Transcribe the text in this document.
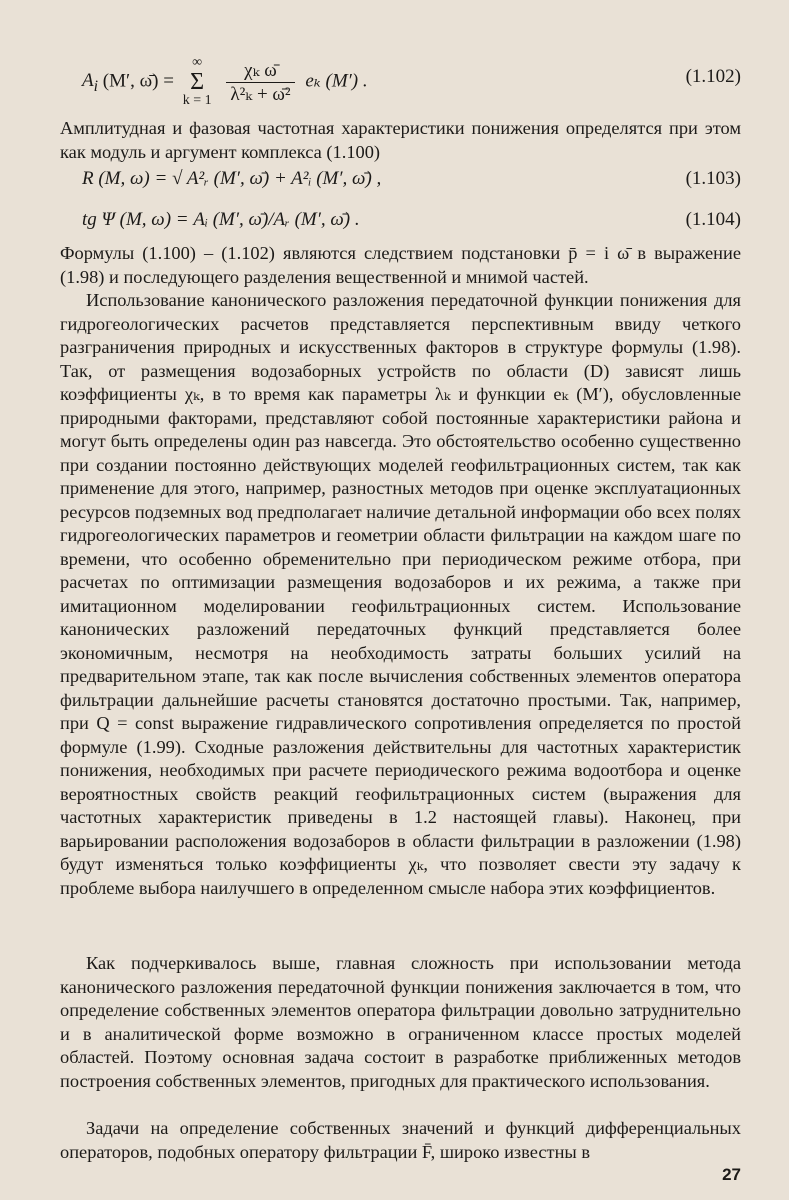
$A_i$ (M′, ω̄) = ∞
Σ
$k = 1 \frac{\text{χₖ ω̄}}{\text{λ²ₖ + ω̄²}}$ eₖ (M′) .	(1.102)
Амплитудная и фазовая частотная характеристики понижения определятся при этом как модуль и аргумент комплекса (1.100)
R (M, ω) = √ A²ᵣ (M′, ω̄) + A²ᵢ (M′, ω̄) ,	(1.103)
tg Ψ (M, ω) = Aᵢ (M′, ω̄)/Aᵣ (M′, ω̄) .	(1.104)
Формулы (1.100) – (1.102) являются следствием подстановки p̄ = i ω̄ в выражение (1.98) и последующего разделения вещественной и мнимой частей.
Использование канонического разложения передаточной функции понижения для гидрогеологических расчетов представляется перспективным ввиду четкого разграничения природных и искусственных факторов в структуре формулы (1.98). Так, от размещения водозаборных устройств по области (D) зависят лишь коэффициенты χₖ, в то время как параметры λₖ и функции eₖ (M′), обусловленные природными факторами, представляют собой постоянные характеристики района и могут быть определены один раз навсегда. Это обстоятельство особенно существенно при создании постоянно действующих моделей геофильтрационных систем, так как применение для этого, например, разностных методов при оценке эксплуатационных ресурсов подземных вод предполагает наличие детальной информации обо всех полях гидрогеологических параметров и геометрии области фильтрации на каждом шаге по времени, что особенно обременительно при периодическом режиме отбора, при расчетах по оптимизации размещения водозаборов и их режима, а также при имитационном моделировании геофильтрационных систем. Использование канонических разложений передаточных функций представляется более экономичным, несмотря на необходимость затраты больших усилий на предварительном этапе, так как после вычисления собственных элементов оператора фильтрации дальнейшие расчеты становятся достаточно простыми. Так, например, при Q = const выражение гидравлического сопротивления определяется по простой формуле (1.99). Сходные разложения действительны для частотных характеристик понижения, необходимых при расчете периодического режима водоотбора и оценке вероятностных свойств реакций геофильтрационных систем (выражения для частотных характеристик приведены в 1.2 настоящей главы). Наконец, при варьировании расположения водозаборов в области фильтрации в разложении (1.98) будут изменяться только коэффициенты χₖ, что позволяет свести эту задачу к проблеме выбора наилучшего в определенном смысле набора этих коэффициентов.
Как подчеркивалось выше, главная сложность при использовании метода канонического разложения передаточной функции понижения заключается в том, что определение собственных элементов оператора фильтрации довольно затруднительно и в аналитической форме возможно в ограниченном классе простых моделей областей. Поэтому основная задача состоит в разработке приближенных методов построения собственных элементов, пригодных для практического использования.
Задачи на определение собственных значений и функций дифференциальных операторов, подобных оператору фильтрации F̄, широко известны в
27
